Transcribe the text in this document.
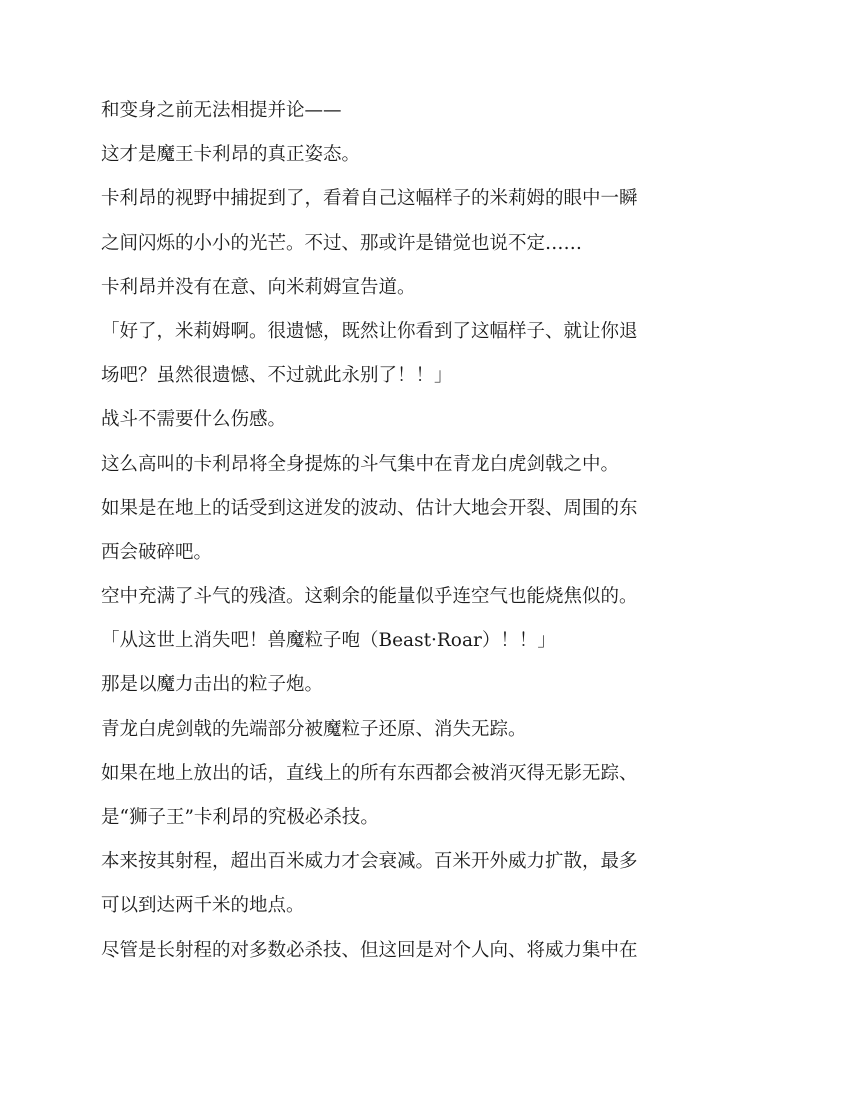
和变身之前无法相提并论——
这才是魔王卡利昂的真正姿态。
卡利昂的视野中捕捉到了，看着自己这幅样子的米莉姆的眼中一瞬
之间闪烁的小小的光芒。不过、那或许是错觉也说不定……
卡利昂并没有在意、向米莉姆宣告道。
「好了，米莉姆啊。很遗憾，既然让你看到了这幅样子、就让你退
场吧？虽然很遗憾、不过就此永别了！！」
战斗不需要什么伤感。
这么高叫的卡利昂将全身提炼的斗气集中在青龙白虎剑戟之中。
如果是在地上的话受到这迸发的波动、估计大地会开裂、周围的东
西会破碎吧。
空中充满了斗气的残渣。这剩余的能量似乎连空气也能烧焦似的。
「从这世上消失吧！兽魔粒子咆（Beast·Roar）！！」
那是以魔力击出的粒子炮。
青龙白虎剑戟的先端部分被魔粒子还原、消失无踪。
如果在地上放出的话，直线上的所有东西都会被消灭得无影无踪、
是“狮子王”卡利昂的究极必杀技。
本来按其射程，超出百米威力才会衰减。百米开外威力扩散，最多
可以到达两千米的地点。
尽管是长射程的对多数必杀技、但这回是对个人向、将威力集中在
